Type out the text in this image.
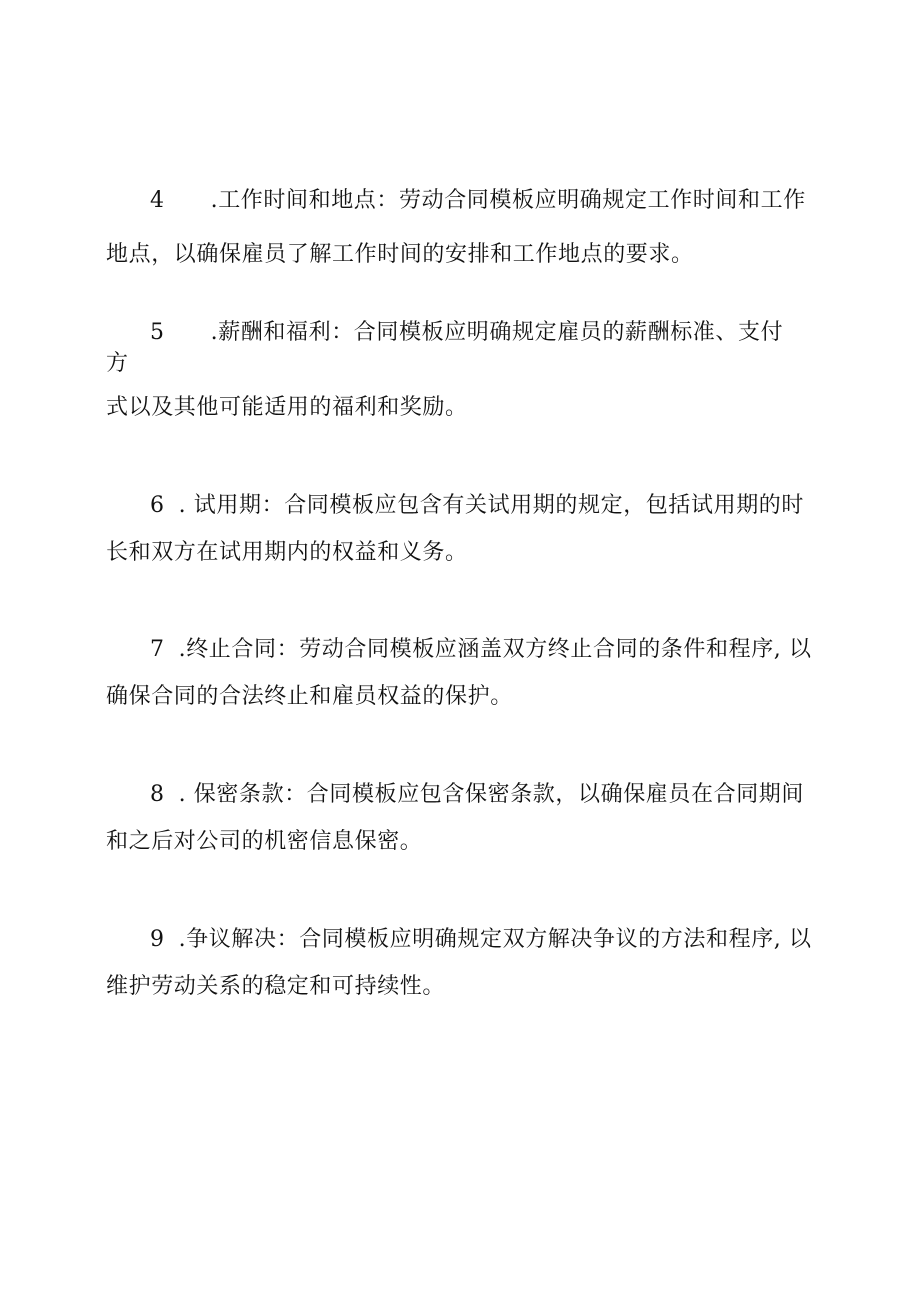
4 .工作时间和地点：劳动合同模板应明确规定工作时间和工作
地点，以确保雇员了解工作时间的安排和工作地点的要求。
5 .薪酬和福利：合同模板应明确规定雇员的薪酬标准、支付
方
式以及其他可能适用的福利和奖励。
6 . 试用期：合同模板应包含有关试用期的规定，包括试用期的时
长和双方在试用期内的权益和义务。
7 .终止合同：劳动合同模板应涵盖双方终止合同的条件和程序, 以
确保合同的合法终止和雇员权益的保护。
8 . 保密条款：合同模板应包含保密条款，以确保雇员在合同期间
和之后对公司的机密信息保密。
9 .争议解决：合同模板应明确规定双方解决争议的方法和程序, 以
维护劳动关系的稳定和可持续性。
